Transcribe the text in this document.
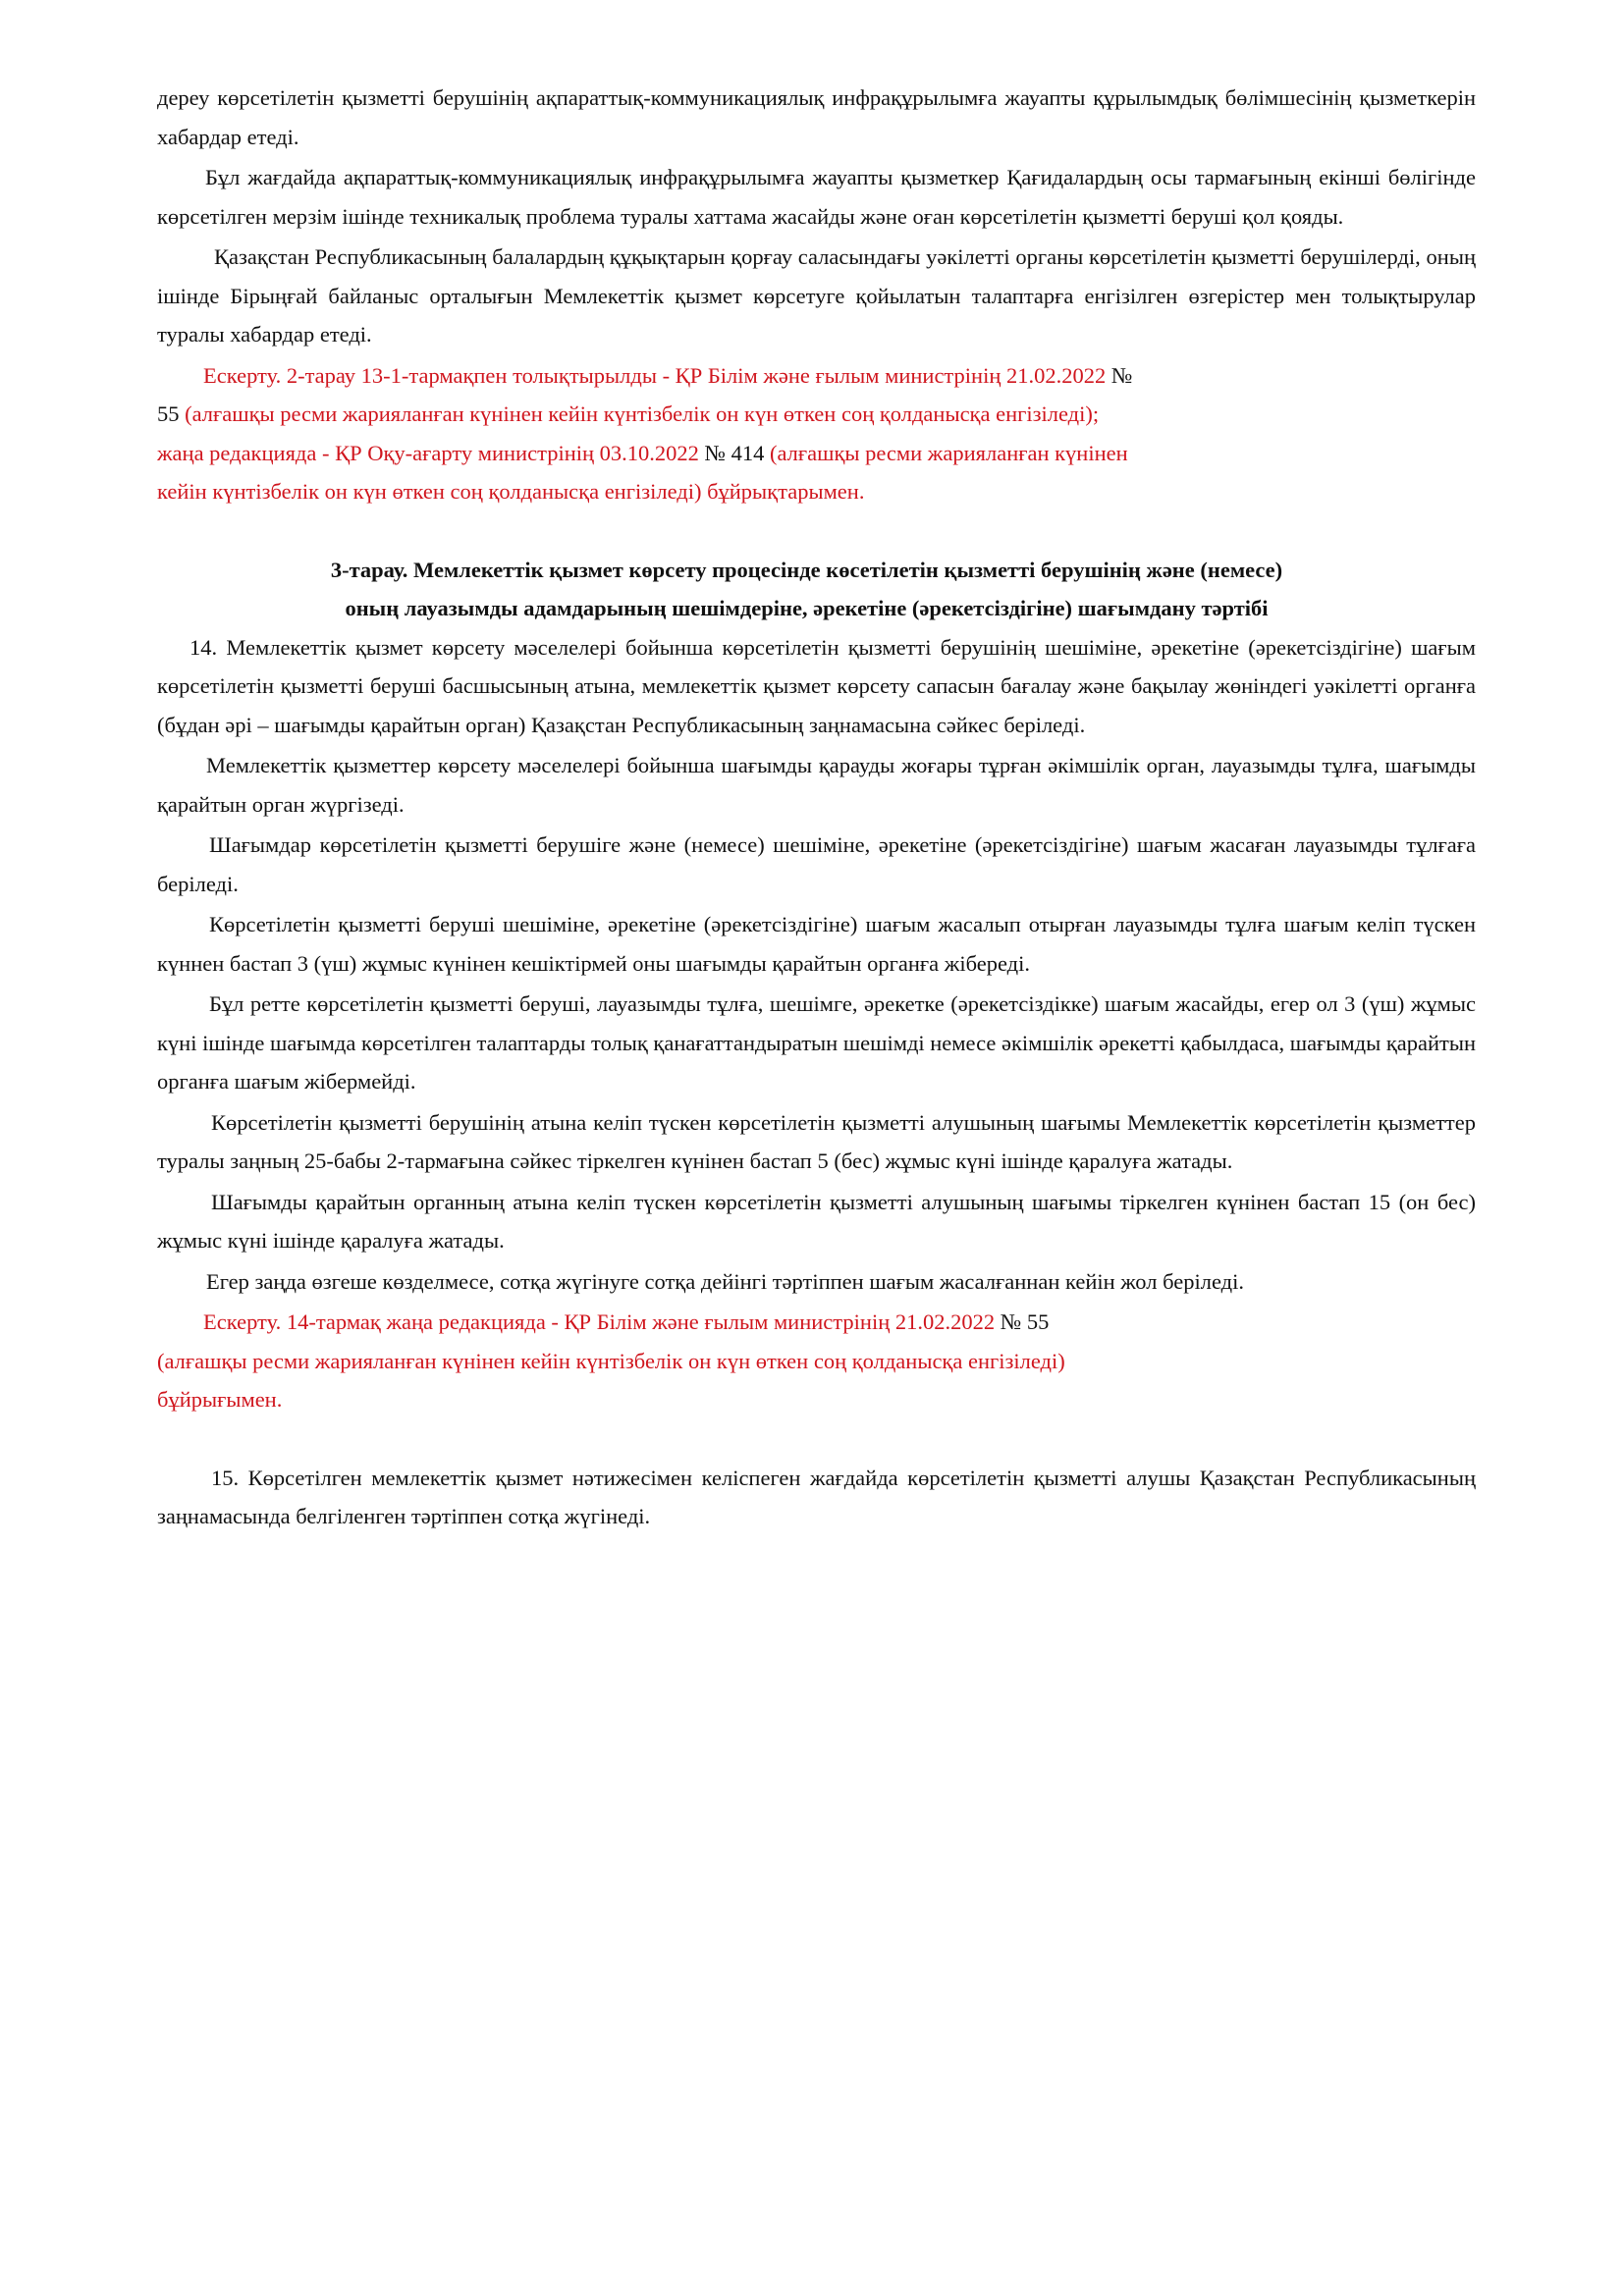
дереу көрсетілетін қызметті берушінің ақпараттық-коммуникациялық инфрақұрылымға жауапты құрылымдық бөлімшесінің қызметкерін хабардар етеді.

Бұл жағдайда ақпараттық-коммуникациялық инфрақұрылымға жауапты қызметкер Қағидалардың осы тармағының екінші бөлігінде көрсетілген мерзім ішінде техникалық проблема туралы хаттама жасайды және оған көрсетілетін қызметті беруші қол қояды.

Қазақстан Республикасының балалардың құқықтарын қорғау саласындағы уәкілетті органы көрсетілетін қызметті берушілерді, оның ішінде Бірыңғай байланыс орталығын Мемлекеттік қызмет көрсетуге қойылатын талаптарға енгізілген өзгерістер мен толықтырулар туралы хабардар етеді.

Ескерту. 2-тарау 13-1-тармақпен толықтырылды - ҚР Білім және ғылым министрінің 21.02.2022 №
55 (алғашқы ресми жарияланған күнінен кейін күнтізбелік он күн өткен соң қолданысқа енгізіледі);
жаңа редакцияда - ҚР Оқу-ағарту министрінің 03.10.2022 № 414 (алғашқы ресми жарияланған күнінен
кейін күнтізбелік он күн өткен соң қолданысқа енгізіледі) бұйрықтарымен.
3-тарау. Мемлекеттік қызмет көрсету процесінде көсетілетін қызметті берушінің және (немесе)
оның лауазымды адамдарының шешімдеріне, әрекетіне (әрекетсіздігіне) шағымдану тәртібі

14. Мемлекеттік қызмет көрсету мәселелері бойынша көрсетілетін қызметті берушінің шешіміне, әрекетіне (әрекетсіздігіне) шағым көрсетілетін қызметті беруші басшысының атына, мемлекеттік қызмет көрсету сапасын бағалау және бақылау жөніндегі уәкілетті органға (бұдан әрі – шағымды қарайтын орган) Қазақстан Республикасының заңнамасына сәйкес беріледі.

Мемлекеттік қызметтер көрсету мәселелері бойынша шағымды қарауды жоғары тұрған әкімшілік орган, лауазымды тұлға, шағымды қарайтын орган жүргізеді.

Шағымдар көрсетілетін қызметті берушіге және (немесе) шешіміне, әрекетіне (әрекетсіздігіне) шағым жасаған лауазымды тұлғаға беріледі.

Көрсетілетін қызметті беруші шешіміне, әрекетіне (әрекетсіздігіне) шағым жасалып отырған лауазымды тұлға шағым келіп түскен күннен бастап 3 (үш) жұмыс күнінен кешіктірмей оны шағымды қарайтын органға жібереді.

Бұл ретте көрсетілетін қызметті беруші, лауазымды тұлға, шешімге, әрекетке (әрекетсіздікке) шағым жасайды, егер ол 3 (үш) жұмыс күні ішінде шағымда көрсетілген талаптарды толық қанағаттандыратын шешімді немесе әкімшілік әрекетті қабылдаса, шағымды қарайтын органға шағым жібермейді.

Көрсетілетін қызметті берушінің атына келіп түскен көрсетілетін қызметті алушының шағымы Мемлекеттік көрсетілетін қызметтер туралы заңның 25-бабы 2-тармағына сәйкес тіркелген күнінен бастап 5 (бес) жұмыс күні ішінде қаралуға жатады.

Шағымды қарайтын органның атына келіп түскен көрсетілетін қызметті алушының шағымы тіркелген күнінен бастап 15 (он бес) жұмыс күні ішінде қаралуға жатады.

Егер заңда өзгеше көзделмесе, сотқа жүгінуге сотқа дейінгі тәртіппен шағым жасалғаннан кейін жол беріледі.

Ескерту. 14-тармақ жаңа редакцияда - ҚР Білім және ғылым министрінің 21.02.2022 № 55
(алғашқы ресми жарияланған күнінен кейін күнтізбелік он күн өткен соң қолданысқа енгізіледі)
бұйрығымен.

15. Көрсетілген мемлекеттік қызмет нәтижесімен келіспеген жағдайда көрсетілетін қызметті алушы Қазақстан Республикасының заңнамасында белгіленген тәртіппен сотқа жүгінеді.
